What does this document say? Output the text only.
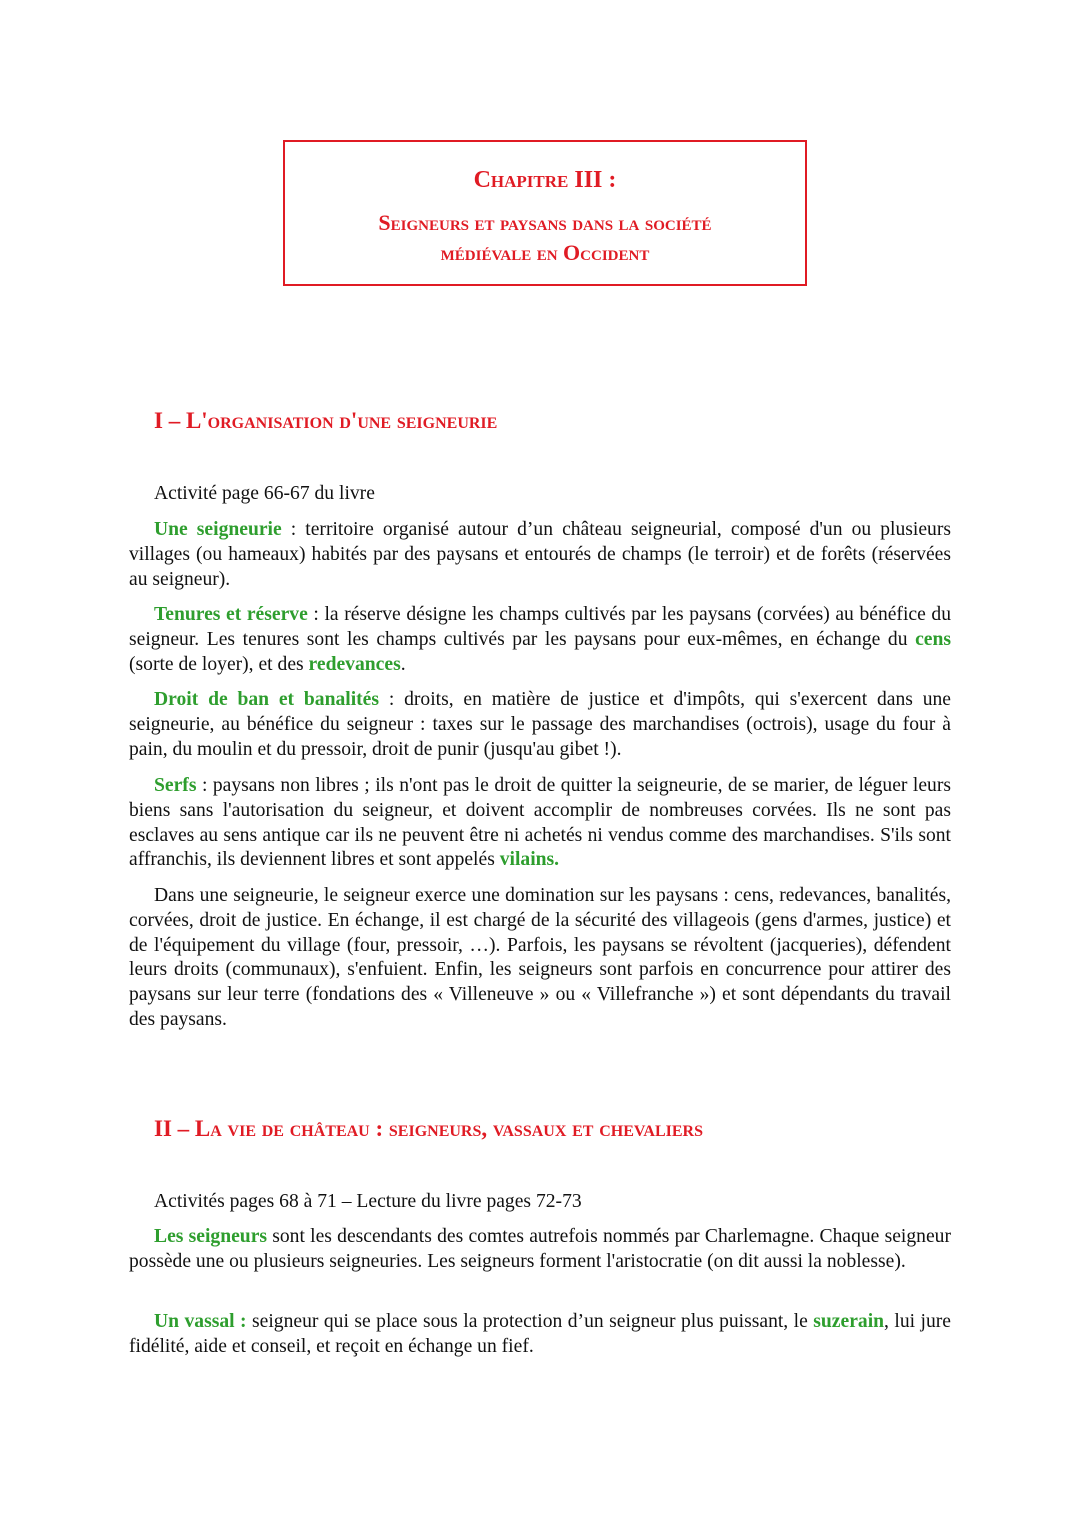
Chapitre III :
Seigneurs et paysans dans la société
médiévale en Occident
I – L'organisation d'une seigneurie
Activité page 66-67 du livre

Une seigneurie : territoire organisé autour d’un château seigneurial, composé d'un ou plusieurs villages (ou hameaux) habités par des paysans et entourés de champs (le terroir) et de forêts (réservées au seigneur).

Tenures et réserve : la réserve désigne les champs cultivés par les paysans (corvées) au bénéfice du seigneur. Les tenures sont les champs cultivés par les paysans pour eux-mêmes, en échange du cens (sorte de loyer), et des redevances.

Droit de ban et banalités : droits, en matière de justice et d'impôts, qui s'exercent dans une seigneurie, au bénéfice du seigneur : taxes sur le passage des marchandises (octrois), usage du four à pain, du moulin et du pressoir, droit de punir (jusqu'au gibet !).

Serfs : paysans non libres ; ils n'ont pas le droit de quitter la seigneurie, de se marier, de léguer leurs biens sans l'autorisation du seigneur, et doivent accomplir de nombreuses corvées. Ils ne sont pas esclaves au sens antique car ils ne peuvent être ni achetés ni vendus comme des marchandises. S'ils sont affranchis, ils deviennent libres et sont appelés vilains.

Dans une seigneurie, le seigneur exerce une domination sur les paysans : cens, redevances, banalités, corvées, droit de justice. En échange, il est chargé de la sécurité des villageois (gens d'armes, justice) et de l'équipement du village (four, pressoir, …). Parfois, les paysans se révoltent (jacqueries), défendent leurs droits (communaux), s'enfuient. Enfin, les seigneurs sont parfois en concurrence pour attirer des paysans sur leur terre (fondations des « Villeneuve » ou « Villefranche ») et sont dépendants du travail des paysans.

II – La vie de château : seigneurs, vassaux et chevaliers
Activités pages 68 à 71 – Lecture du livre pages 72-73

Les seigneurs sont les descendants des comtes autrefois nommés par Charlemagne. Chaque seigneur possède une ou plusieurs seigneuries. Les seigneurs forment l'aristocratie (on dit aussi la noblesse).

Un vassal : seigneur qui se place sous la protection d’un seigneur plus puissant, le suzerain, lui jure fidélité, aide et conseil, et reçoit en échange un fief.
